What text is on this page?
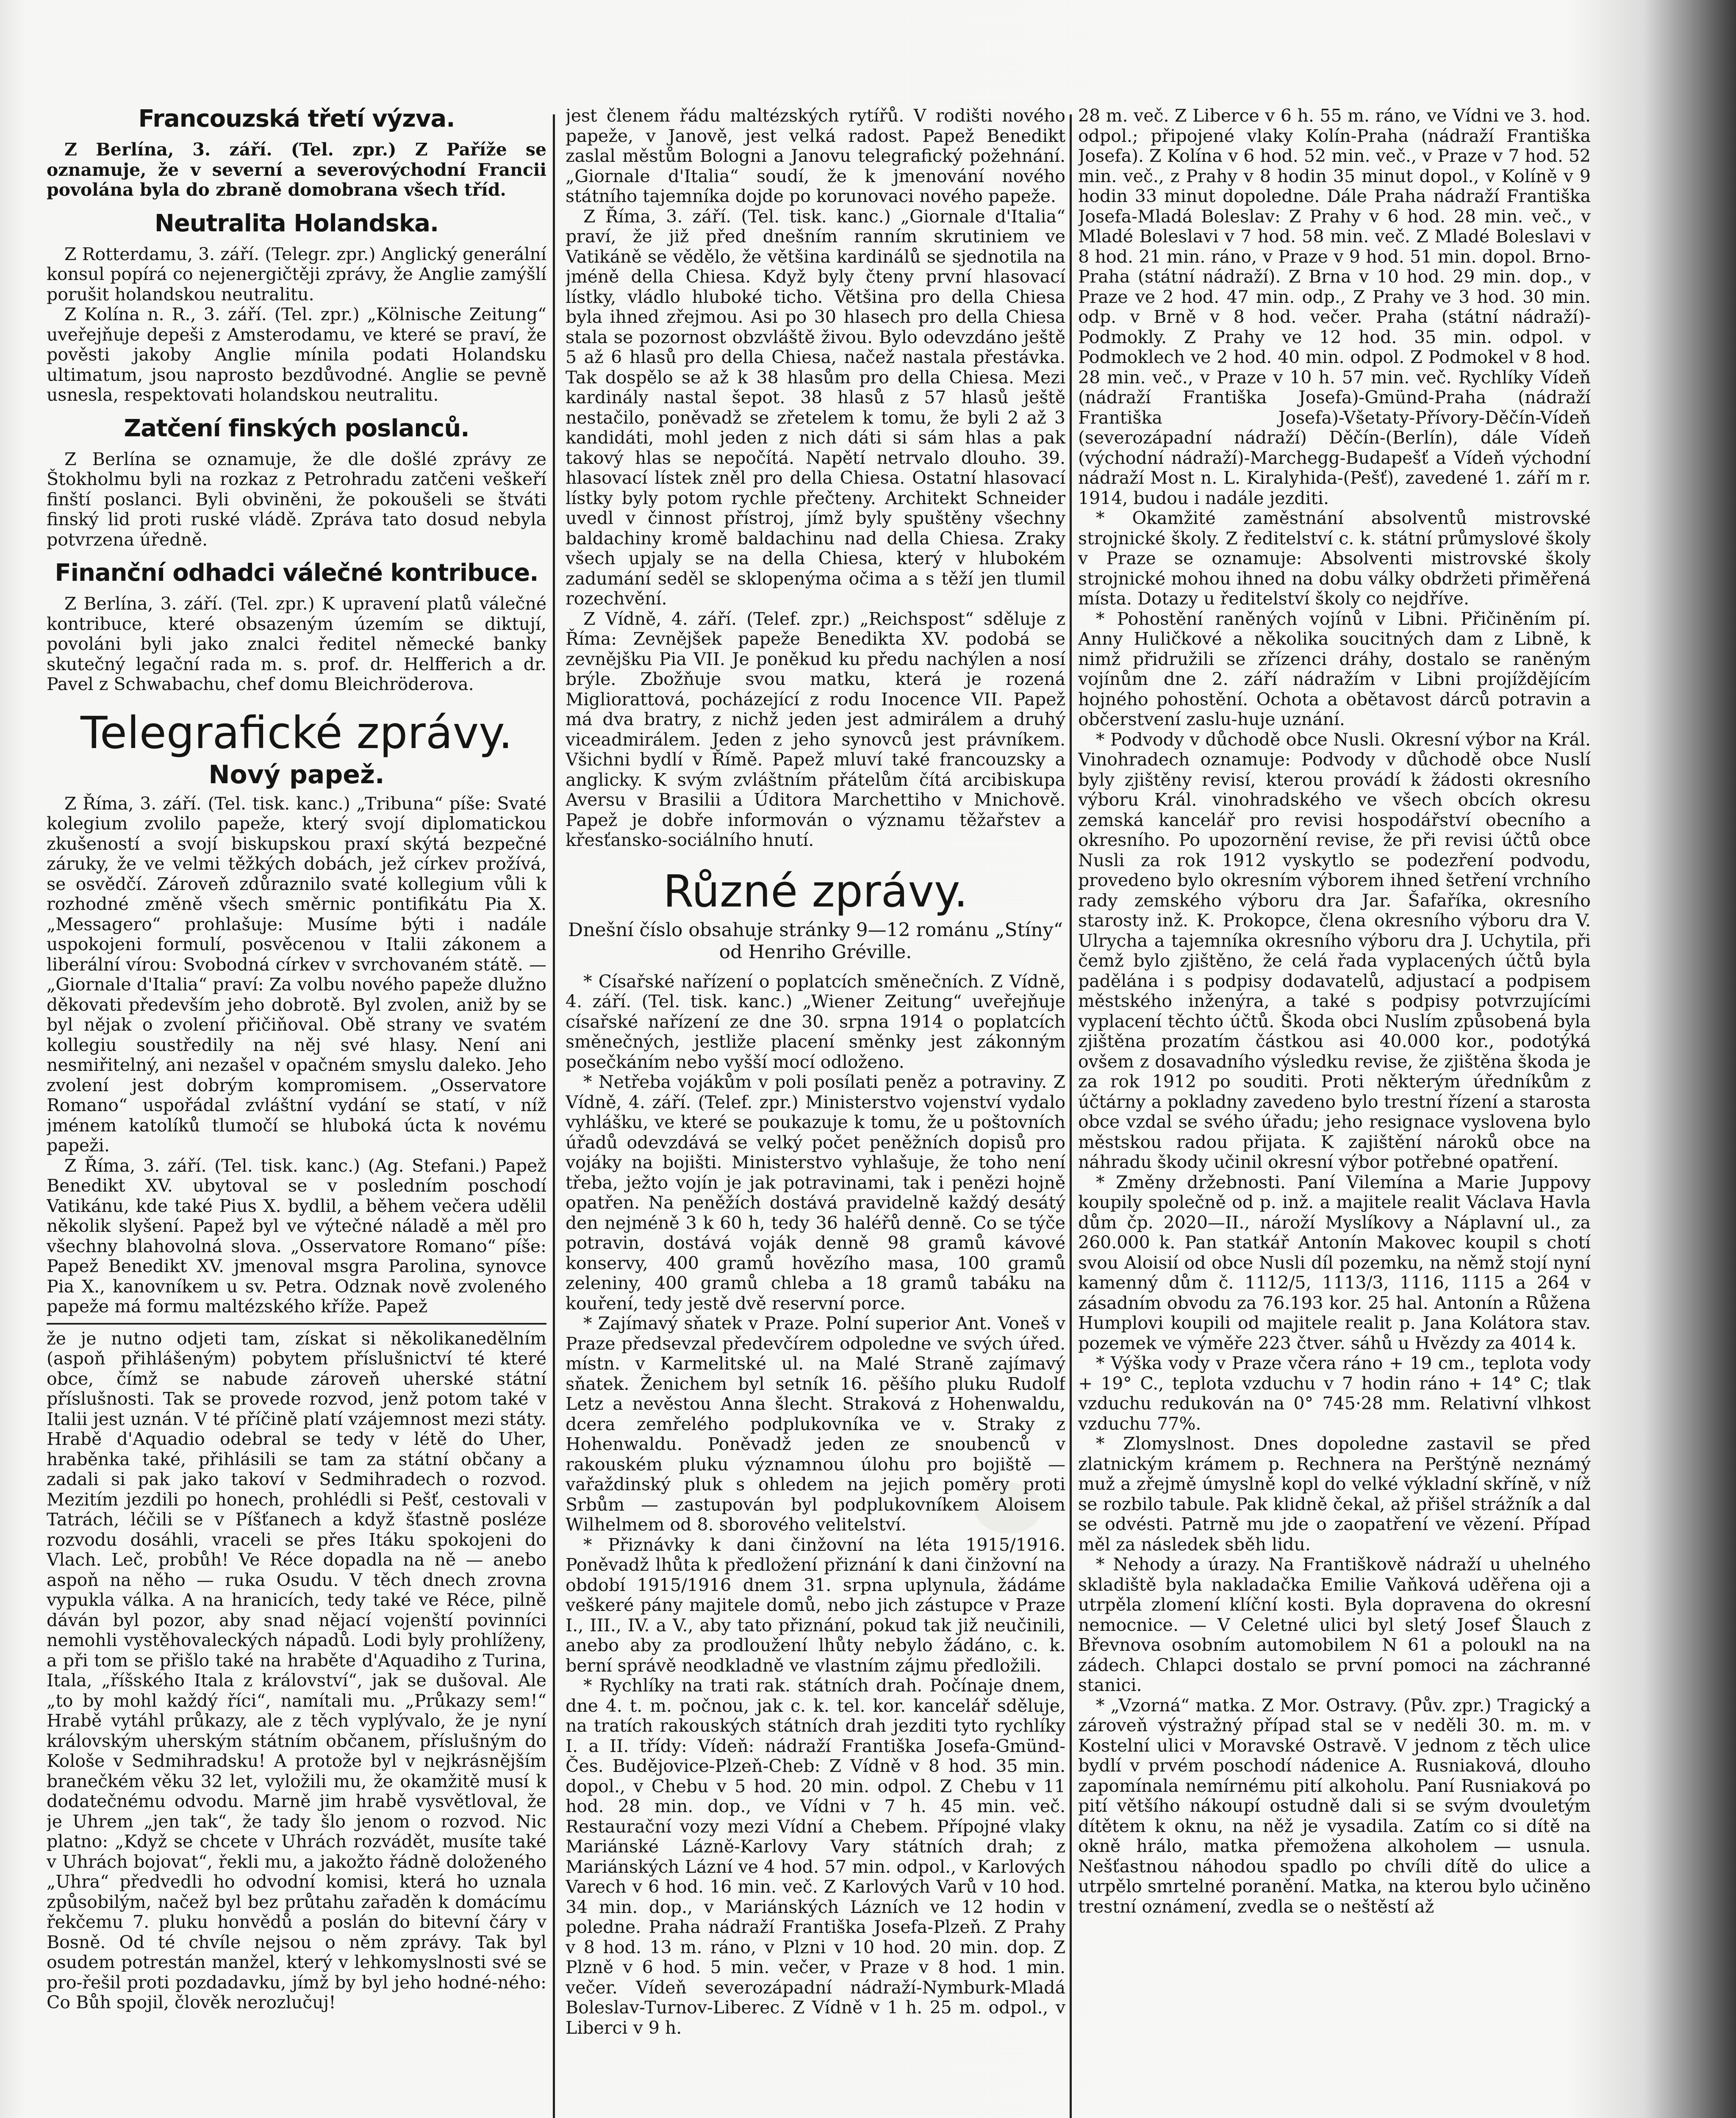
Francouzská třetí výzva.

Z Berlína, 3. září. (Tel. zpr.) Z Paříže se oznamuje, že v severní a severovýchodní Francii povolána byla do zbraně domobrana všech tříd.

Neutralita Holandska.

Z Rotterdamu, 3. září. (Telegr. zpr.) Anglický generální konsul popírá co nejenergičtěji zprávy, že Anglie zamýšlí porušit holandskou neutralitu.

Z Kolína n. R., 3. září. (Tel. zpr.) „Kölnische Zeitung“ uveřejňuje depeši z Amsterodamu, ve které se praví, že pověsti jakoby Anglie mínila podati Holandsku ultimatum, jsou naprosto bezdůvodné. Anglie se pevně usnesla, respektovati holandskou neutralitu.

Zatčení finských poslanců.

Z Berlína se oznamuje, že dle došlé zprávy ze Štokholmu byli na rozkaz z Petrohradu zatčeni veškeří finští poslanci. Byli obviněni, že pokoušeli se štváti finský lid proti ruské vládě. Zpráva tato dosud nebyla potvrzena úředně.

Finanční odhadci válečné kontribuce.

Z Berlína, 3. září. (Tel. zpr.) K upravení platů válečné kontribuce, které obsazeným územím se diktují, povoláni byli jako znalci ředitel německé banky skutečný legační rada m. s. prof. dr. Helfferich a dr. Pavel z Schwabachu, chef domu Bleichröderova.

Telegrafické zprávy.
Nový papež.

Z Říma, 3. září. (Tel. tisk. kanc.) „Tribuna“ píše: Svaté kolegium zvolilo papeže, který svojí diplomatickou zkušeností a svojí biskupskou praxí skýtá bezpečné záruky, že ve velmi těžkých dobách, jež církev prožívá, se osvědčí. Zároveň zdůraznilo svaté kollegium vůli k rozhodné změně všech směrnic pontifikátu Pia X. „Messagero“ prohlašuje: Musíme býti i nadále uspokojeni formulí, posvěcenou v Italii zákonem a liberální vírou: Svobodná církev v svrchovaném státě. — „Giornale d'Italia“ praví: Za volbu nového papeže dlužno děkovati především jeho dobrotě. Byl zvolen, aniž by se byl nějak o zvolení přičiňoval. Obě strany ve svatém kollegiu soustředily na něj své hlasy. Není ani nesmiřitelný, ani nezašel v opačném smyslu daleko. Jeho zvolení jest dobrým kompromisem. „Osservatore Romano“ uspořádal zvláštní vydání se statí, v níž jménem katolíků tlumočí se hluboká úcta k novému papeži.

Z Říma, 3. září. (Tel. tisk. kanc.) (Ag. Stefani.) Papež Benedikt XV. ubytoval se v posledním poschodí Vatikánu, kde také Pius X. bydlil, a během večera udělil několik slyšení. Papež byl ve výtečné náladě a měl pro všechny blahovolná slova. „Osservatore Romano“ píše: Papež Benedikt XV. jmenoval msgra Parolina, synovce Pia X., kanovníkem u sv. Petra. Odznak nově zvoleného papeže má formu maltézského kříže. Papež

že je nutno odjeti tam, získat si několikanedělním (aspoň přihlášeným) pobytem příslušnictví té které obce, čímž se nabude zároveň uherské státní příslušnosti. Tak se provede rozvod, jenž potom také v Italii jest uznán. V té příčině platí vzájemnost mezi státy. Hrabě d'Aquadio odebral se tedy v létě do Uher, hraběnka také, přihlásili se tam za státní občany a zadali si pak jako takoví v Sedmihradech o rozvod. Mezitím jezdili po honech, prohlédli si Pešť, cestovali v Tatrách, léčili se v Píšťanech a když šťastně posléze rozvodu dosáhli, vraceli se přes Itáku spokojeni do Vlach. Leč, probůh! Ve Réce dopadla na ně — anebo aspoň na něho — ruka Osudu. V těch dnech zrovna vypukla válka. A na hranicích, tedy také ve Réce, pilně dáván byl pozor, aby snad nějací vojenští povinníci nemohli vystěhovaleckých nápadů. Lodi byly prohlíženy, a při tom se přišlo také na hraběte d'Aquadiho z Turina, Itala, „říšského Itala z království“, jak se dušoval. Ale „to by mohl každý říci“, namítali mu. „Průkazy sem!“ Hrabě vytáhl průkazy, ale z těch vyplývalo, že je nyní královským uherským státním občanem, příslušným do Kološe v Sedmihradsku! A protože byl v nejkrásnějším branečkém věku 32 let, vyložili mu, že okamžitě musí k dodatečnému odvodu. Marně jim hrabě vysvětloval, že je Uhrem „jen tak“, že tady šlo jenom o rozvod. Nic platno: „Když se chcete v Uhrách rozvádět, musíte také v Uhrách bojovat“, řekli mu, a jakožto řádně doloženého „Uhra“ předvedli ho odvodní komisi, která ho uznala způsobilým, načež byl bez průtahu zařaděn k domácímu řekčemu 7. pluku honvědů a poslán do bitevní čáry v Bosně. Od té chvíle nejsou o něm zprávy. Tak byl osudem potrestán manžel, který v lehkomyslnosti své se pro-řešil proti pozdadavku, jímž by byl jeho hodné-ného: Co Bůh spojil, člověk nerozlučuj!

jest členem řádu maltézských rytířů. V rodišti nového papeže, v Janově, jest velká radost. Papež Benedikt zaslal městům Bologni a Janovu telegrafický požehnání. „Giornale d'Italia“ soudí, že k jmenování nového státního tajemníka dojde po korunovaci nového papeže.

Z Říma, 3. září. (Tel. tisk. kanc.) „Giornale d'Italia“ praví, že již před dnešním ranním skrutiniem ve Vatikáně se vědělo, že většina kardinálů se sjednotila na jméně della Chiesa. Když byly čteny první hlasovací lístky, vládlo hluboké ticho. Většina pro della Chiesa byla ihned zřejmou. Asi po 30 hlasech pro della Chiesa stala se pozornost obzvláště živou. Bylo odevzdáno ještě 5 až 6 hlasů pro della Chiesa, načež nastala přestávka. Tak dospělo se až k 38 hlasům pro della Chiesa. Mezi kardinály nastal šepot. 38 hlasů z 57 hlasů ještě nestačilo, poněvadž se zřetelem k tomu, že byli 2 až 3 kandidáti, mohl jeden z nich dáti si sám hlas a pak takový hlas se nepočítá. Napětí netrvalo dlouho. 39. hlasovací lístek zněl pro della Chiesa. Ostatní hlasovací lístky byly potom rychle přečteny. Architekt Schneider uvedl v činnost přístroj, jímž byly spuštěny všechny baldachiny kromě baldachinu nad della Chiesa. Zraky všech upjaly se na della Chiesa, který v hlubokém zadumání seděl se sklopenýma očima a s těží jen tlumil rozechvění.

Z Vídně, 4. září. (Telef. zpr.) „Reichspost“ sděluje z Říma: Zevnějšek papeže Benedikta XV. podobá se zevnějšku Pia VII. Je poněkud ku předu nachýlen a nosí brýle. Zbožňuje svou matku, která je rozená Migliorattová, pocházející z rodu Inocence VII. Papež má dva bratry, z nichž jeden jest admirálem a druhý viceadmirálem. Jeden z jeho synovců jest právníkem. Všichni bydlí v Římě. Papež mluví také francouzsky a anglicky. K svým zvláštním přátelům čítá arcibiskupa Aversu v Brasilii a Úditora Marchettiho v Mnichově. Papež je dobře informován o významu těžařstev a křesťansko-sociálního hnutí.

Různé zprávy.

Dnešní číslo obsahuje stránky 9—12 románu „Stíny“ od Henriho Gréville.

* Císařské nařízení o poplatcích směnečních. Z Vídně, 4. září. (Tel. tisk. kanc.) „Wiener Zeitung“ uveřejňuje císařské nařízení ze dne 30. srpna 1914 o poplatcích směnečných, jestliže placení směnky jest zákonným posečkáním nebo vyšší mocí odloženo.

* Netřeba vojákům v poli posílati peněz a potraviny. Z Vídně, 4. září. (Telef. zpr.) Ministerstvo vojenství vydalo vyhlášku, ve které se poukazuje k tomu, že u poštovních úřadů odevzdává se velký počet peněžních dopisů pro vojáky na bojišti. Ministerstvo vyhlašuje, že toho není třeba, ježto vojín je jak potravinami, tak i penězi hojně opatřen. Na peněžích dostává pravidelně každý desátý den nejméně 3 k 60 h, tedy 36 haléřů denně. Co se týče potravin, dostává voják denně 98 gramů kávové konservy, 400 gramů hovězího masa, 100 gramů zeleniny, 400 gramů chleba a 18 gramů tabáku na kouření, tedy jestě dvě reservní porce.

* Zajímavý sňatek v Praze. Polní superior Ant. Voneš v Praze předsevzal předevčírem odpoledne ve svých úřed. místn. v Karmelitské ul. na Malé Straně zajímavý sňatek. Ženichem byl setník 16. pěšího pluku Rudolf Letz a nevěstou Anna šlecht. Straková z Hohenwaldu, dcera zemřelého podplukovníka ve v. Straky z Hohenwaldu. Poněvadž jeden ze snoubenců v rakouském pluku významnou úlohu pro bojiště — vařaždinský pluk s ohledem na jejich poměry proti Srbům — zastupován byl podplukovníkem Aloisem Wilhelmem od 8. sborového velitelství.

* Přiznávky k dani činžovní na léta 1915/1916. Poněvadž lhůta k předložení přiznání k dani činžovní na období 1915/1916 dnem 31. srpna uplynula, žádáme veškeré pány majitele domů, nebo jich zástupce v Praze I., III., IV. a V., aby tato přiznání, pokud tak již neučinili, anebo aby za prodloužení lhůty nebylo žádáno, c. k. berní správě neodkladně ve vlastním zájmu předložili.

* Rychlíky na trati rak. státních drah. Počínaje dnem, dne 4. t. m. počnou, jak c. k. tel. kor. kancelář sděluje, na tratích rakouských státních drah jezditi tyto rychlíky I. a II. třídy: Vídeň: nádraží Františka Josefa-Gmünd-Čes. Budějovice-Plzeň-Cheb: Z Vídně v 8 hod. 35 min. dopol., v Chebu v 5 hod. 20 min. odpol. Z Chebu v 11 hod. 28 min. dop., ve Vídni v 7 h. 45 min. več. Restaurační vozy mezi Vídní a Chebem. Přípojné vlaky Mariánské Lázně-Karlovy Vary státních drah; z Mariánských Lázní ve 4 hod. 57 min. odpol., v Karlových Varech v 6 hod. 16 min. več. Z Karlových Varů v 10 hod. 34 min. dop., v Mariánských Lázních ve 12 hodin v poledne. Praha nádraží Františka Josefa-Plzeň. Z Prahy v 8 hod. 13 m. ráno, v Plzni v 10 hod. 20 min. dop. Z Plzně v 6 hod. 5 min. večer, v Praze v 8 hod. 1 min. večer. Vídeň severozápadní nádraží-Nymburk-Mladá Boleslav-Turnov-Liberec. Z Vídně v 1 h. 25 m. odpol., v Liberci v 9 h.

28 m. več. Z Liberce v 6 h. 55 m. ráno, ve Vídni ve 3. hod. odpol.; připojené vlaky Kolín-Praha (nádraží Františka Josefa). Z Kolína v 6 hod. 52 min. več., v Praze v 7 hod. 52 min. več., z Prahy v 8 hodin 35 minut dopol., v Kolíně v 9 hodin 33 minut dopoledne. Dále Praha nádraží Františka Josefa-Mladá Boleslav: Z Prahy v 6 hod. 28 min. več., v Mladé Boleslavi v 7 hod. 58 min. več. Z Mladé Boleslavi v 8 hod. 21 min. ráno, v Praze v 9 hod. 51 min. dopol. Brno-Praha (státní nádraží). Z Brna v 10 hod. 29 min. dop., v Praze ve 2 hod. 47 min. odp., Z Prahy ve 3 hod. 30 min. odp. v Brně v 8 hod. večer. Praha (státní nádraží)-Podmokly. Z Prahy ve 12 hod. 35 min. odpol. v Podmoklech ve 2 hod. 40 min. odpol. Z Podmokel v 8 hod. 28 min. več., v Praze v 10 h. 57 min. več. Rychlíky Vídeň (nádraží Františka Josefa)-Gmünd-Praha (nádraží Františka Josefa)-Všetaty-Přívory-Děčín-Vídeň (severozápadní nádraží) Děčín-(Berlín), dále Vídeň (východní nádraží)-Marchegg-Budapešť a Vídeň východní nádraží Most n. L. Kiralyhida-(Pešť), zavedené 1. září m r. 1914, budou i nadále jezditi.

* Okamžité zaměstnání absolventů mistrovské strojnické školy. Z ředitelství c. k. státní průmyslové školy v Praze se oznamuje: Absolventi mistrovské školy strojnické mohou ihned na dobu války obdržeti přiměřená místa. Dotazy u ředitelství školy co nejdříve.

* Pohostění raněných vojínů v Libni. Přičiněním pí. Anny Huličkové a několika soucitných dam z Libně, k nimž přidružili se zřízenci dráhy, dostalo se raněným vojínům dne 2. září nádražím v Libni projíždějícím hojného pohostění. Ochota a obětavost dárců potravin a občerstvení zaslu-huje uznání.

* Podvody v důchodě obce Nusli. Okresní výbor na Král. Vinohradech oznamuje: Podvody v důchodě obce Nuslí byly zjištěny revisí, kterou provádí k žádosti okresního výboru Král. vinohradského ve všech obcích okresu zemská kancelář pro revisi hospodářství obecního a okresního. Po upozornění revise, že při revisi účtů obce Nusli za rok 1912 vyskytlo se podezření podvodu, provedeno bylo okresním výborem ihned šetření vrchního rady zemského výboru dra Jar. Šafaříka, okresního starosty inž. K. Prokopce, člena okresního výboru dra V. Ulrycha a tajemníka okresního výboru dra J. Uchytila, při čemž bylo zjištěno, že celá řada vyplacených účtů byla padělána i s podpisy dodavatelů, adjustací a podpisem městského inženýra, a také s podpisy potvrzujícími vyplacení těchto účtů. Škoda obci Nuslím způsobená byla zjištěna prozatím částkou asi 40.000 kor., podotýká ovšem z dosavadního výsledku revise, že zjištěna škoda je za rok 1912 po souditi. Proti některým úředníkům z účtárny a pokladny zavedeno bylo trestní řízení a starosta obce vzdal se svého úřadu; jeho resignace vyslovena bylo městskou radou přijata. K zajištění nároků obce na náhradu škody učinil okresní výbor potřebné opatření.

* Změny držebnosti. Paní Vilemína a Marie Juppovy koupily společně od p. inž. a majitele realit Václava Havla dům čp. 2020—II., nároží Myslíkovy a Náplavní ul., za 260.000 k. Pan statkář Antonín Makovec koupil s chotí svou Aloisií od obce Nusli díl pozemku, na němž stojí nyní kamenný dům č. 1112/5, 1113/3, 1116, 1115 a 264 v zásadním obvodu za 76.193 kor. 25 hal. Antonín a Růžena Humplovi koupili od majitele realit p. Jana Kolátora stav. pozemek ve výměře 223 čtver. sáhů u Hvězdy za 4014 k.

* Výška vody v Praze včera ráno + 19 cm., teplota vody + 19° C., teplota vzduchu v 7 hodin ráno + 14° C; tlak vzduchu redukován na 0° 745·28 mm. Relativní vlhkost vzduchu 77%.

* Zlomyslnost. Dnes dopoledne zastavil se před zlatnickým krámem p. Rechnera na Perštýně neznámý muž a zřejmě úmyslně kopl do velké výkladní skříně, v níž se rozbilo tabule. Pak klidně čekal, až přišel strážník a dal se odvésti. Patrně mu jde o zaopatření ve vězení. Případ měl za následek sběh lidu.

* Nehody a úrazy. Na Františkově nádraží u uhelného skladiště byla nakladačka Emilie Vaňková uděřena oji a utrpěla zlomení klíční kosti. Byla dopravena do okresní nemocnice. — V Celetné ulici byl sletý Josef Šlauch z Břevnova osobním automobilem N 61 a poloukl na na zádech. Chlapci dostalo se první pomoci na záchranné stanici.

* „Vzorná“ matka. Z Mor. Ostravy. (Pův. zpr.) Tragický a zároveň výstražný případ stal se v neděli 30. m. m. v Kostelní ulici v Moravské Ostravě. V jednom z těch ulice bydlí v prvém poschodí nádenice A. Rusniaková, dlouho zapomínala nemírnému pití alkoholu. Paní Rusniaková po pití většího nákoupí ostudně dali si se svým dvouletým dítětem k oknu, na něž je vysadila. Zatím co si dítě na okně hrálo, matka přemožena alkoholem — usnula. Nešťastnou náhodou spadlo po chvíli dítě do ulice a utrpělo smrtelné poranění. Matka, na kterou bylo učiněno trestní oznámení, zvedla se o neštěstí až
